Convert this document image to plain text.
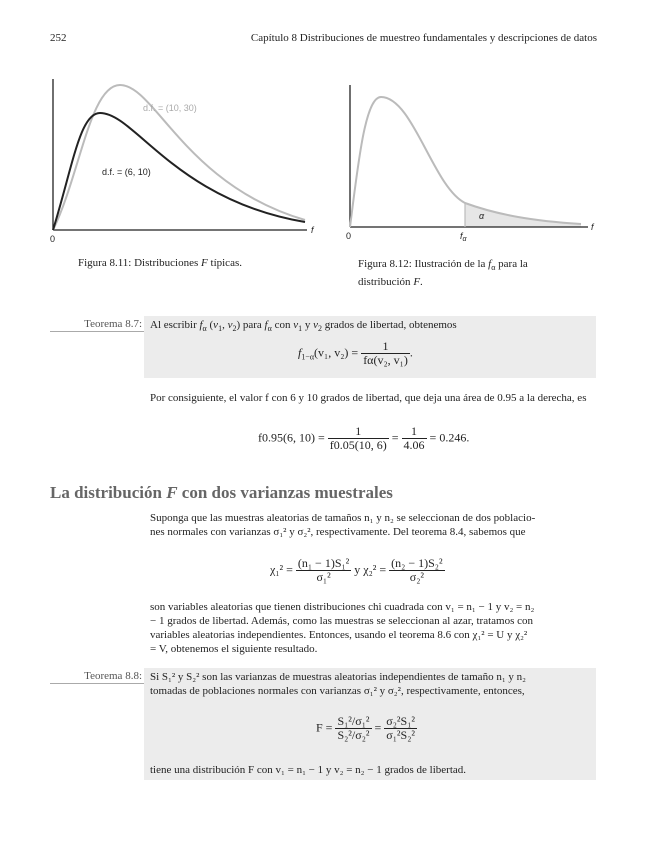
252	Capítulo 8 Distribuciones de muestreo fundamentales y descripciones de datos
d.f. = (10, 30)
d.f. = (6, 10)
0
f
Figura 8.11: Distribuciones F típicas.
α
0	$f_\alpha$
f
Figura 8.12: Ilustración de la $f_\alpha$ para la
distribución F.
Teorema 8.7: Al escribir $f_\alpha$ ($v_1$, $v_2$) para $f_\alpha$ con $v_1$ y $v_2$ grados de libertad, obtenemos
$f_{1-\alpha}(v_1$, $v_2) = \frac{1}{\text{fα(v₂, v₁)}}$ .
Por consiguiente, el valor f con 6 y 10 grados de libertad, que deja una área de 0.95 a la derecha, es
f0.95(6, $10) = \frac{1}{f0.05(10, 6)} = \frac{1}{4.06} = 0.246$.
La distribución F con dos varianzas muestrales
Suponga que las muestras aleatorias de tamaños n₁ y n₂ se seleccionan de dos poblacio-
nes normales con varianzas σ₁² y σ₂², respectivamente. Del teorema 8.4, sabemos que
$\chi_1^2 = \frac{\text{(n₁ − 1)S₁²}}{\text{σ₁²}}$ y $\chi_2^2 = \frac{\text{(n₂ − 1)S₂²}}{\text{σ₂²}}$
son variables aleatorias que tienen distribuciones chi cuadrada con v₁ = n₁ − 1 y v₂ = n₂
− 1 grados de libertad. Además, como las muestras se seleccionan al azar, tratamos con
variables aleatorias independientes. Entonces, usando el teorema 8.6 con χ₁² = U y χ₂²
= V, obtenemos el siguiente resultado.
Teorema 8.8: Si S₁² y S₂² son las varianzas de muestras aleatorias independientes de tamaño n₁ y n₂
tomadas de poblaciones normales con varianzas σ₁² y σ₂², respectivamente, entonces,
$F = \frac{\text{S₁²/σ₁²}}{\text{S₂²/σ₂²}} = \frac{\text{σ₂²S₁²}}{\text{σ₁²S₂²}}$
tiene una distribución F con v₁ = n₁ − 1 y v₂ = n₂ − 1 grados de libertad.
